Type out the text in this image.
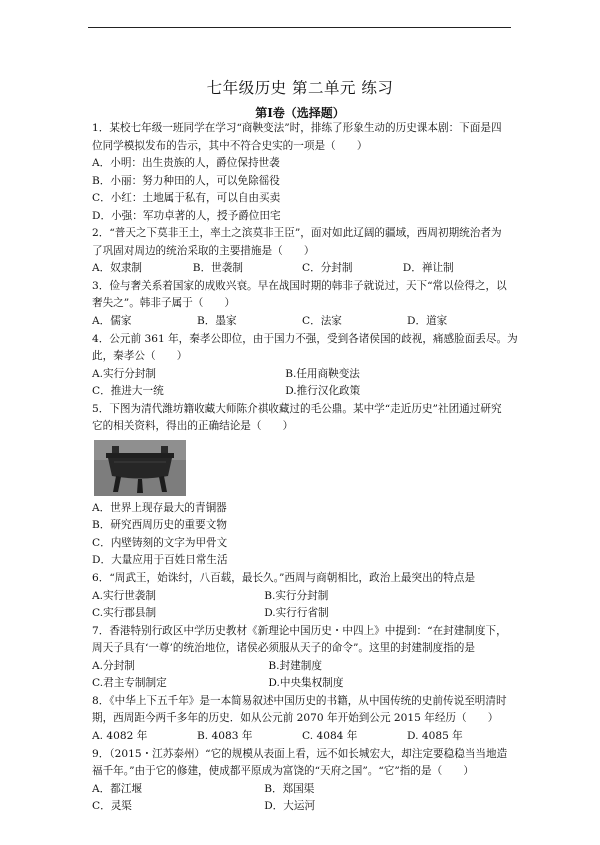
七年级历史 第二单元 练习
第Ⅰ卷（选择题）
1．某校七年级一班同学在学习“商鞅变法”时，排练了形象生动的历史课本剧：下面是四
位同学模拟发布的告示，其中不符合史实的一项是（　　）
A．小明：出生贵族的人，爵位保持世袭
B．小丽：努力种田的人，可以免除徭役
C．小红：土地属于私有，可以自由买卖
D．小强：军功卓著的人，授予爵位田宅
2．“普天之下莫非王土，率土之滨莫非王臣”，面对如此辽阔的疆域，西周初期统治者为
了巩固对周边的统治采取的主要措施是（　　）
A．奴隶制	B．世袭制	C．分封制	D．禅让制
3．俭与奢关系着国家的成败兴衰。早在战国时期的韩非子就说过，天下“常以俭得之，以
奢失之”。韩非子属于（　　）
A．儒家	B．墨家	C．法家	D．道家
4．公元前 361 年，秦孝公即位，由于国力不强，受到各诸侯国的歧视，痛感脸面丢尽。为
此，秦孝公（　　）
A.实行分封制	B.任用商鞅变法
C．推进大一统	D.推行汉化政策
5．下图为清代潍坊籍收藏大师陈介祺收藏过的毛公鼎。某中学“走近历史”社团通过研究
它的相关资料，得出的正确结论是（　　）
A．世界上现存最大的青铜器
B．研究西周历史的重要文物
C．内壁铸刻的文字为甲骨文
D．大量应用于百姓日常生活
6．“周武王，始诛纣，八百载，最长久。”西周与商朝相比，政治上最突出的特点是
A.实行世袭制	B.实行分封制
C.实行郡县制	D.实行行省制
7．香港特别行政区中学历史教材《新理论中国历史・中四上》中提到：“在封建制度下，
周天子具有‘一尊’的统治地位，诸侯必须服从天子的命令”。这里的封建制度指的是
A.分封制	B.封建制度
C.君主专制制定	D.中央集权制度
8．《中华上下五千年》是一本简易叙述中国历史的书籍，从中国传统的史前传说至明清时
期，西周距今两千多年的历史．如从公元前 2070 年开始到公元 2015 年经历（　　）
A. 4082 年	B. 4083 年	C. 4084 年	D. 4085 年
9．（2015・江苏泰州）“它的规模从表面上看，远不如长城宏大，却注定要稳稳当当地造
福千年。”由于它的修建，使成都平原成为富饶的“天府之国”。“它”指的是（　　）
A．都江堰	B．郑国渠
C．灵渠	D．大运河
